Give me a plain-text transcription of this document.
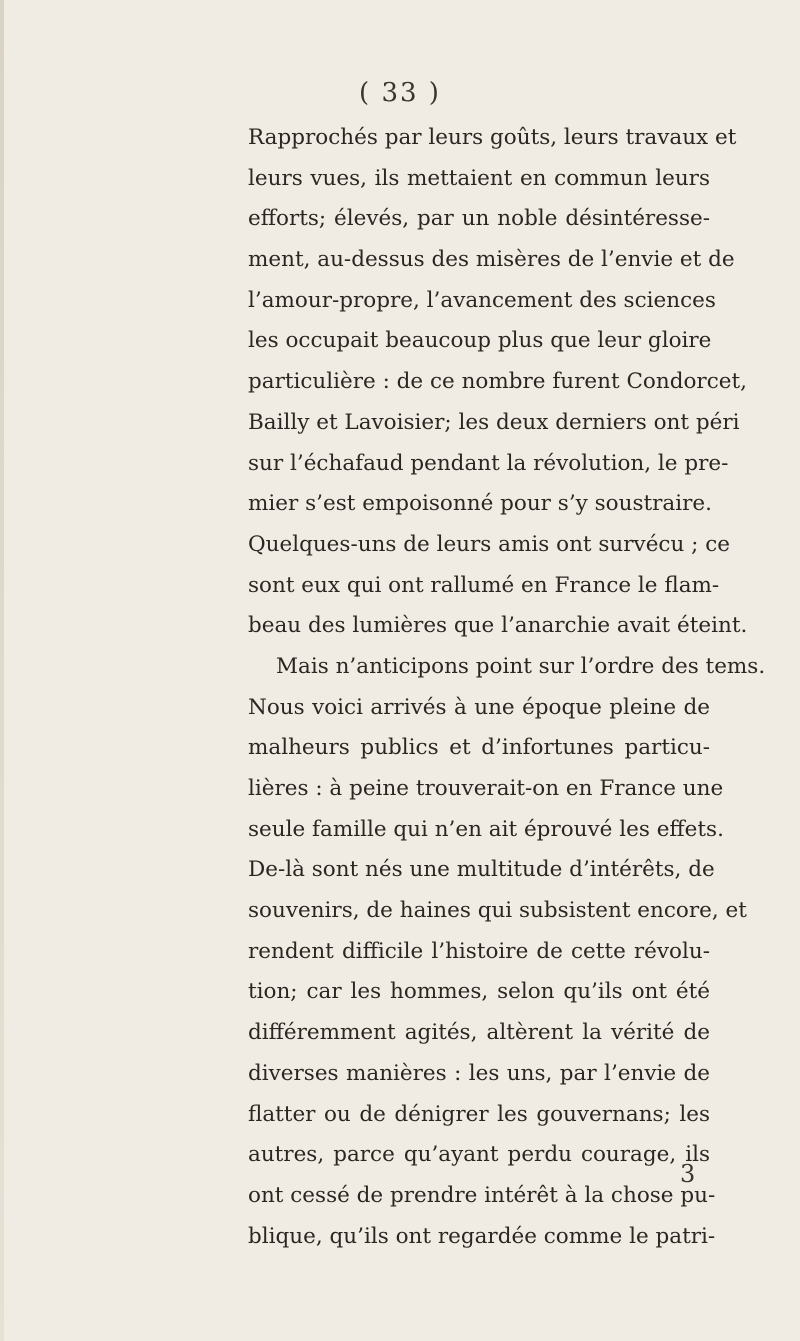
( 33 )
Rapprochés par leurs goûts, leurs travaux et
leurs vues, ils mettaient en commun leurs
efforts; élevés, par un noble désintéresse-
ment, au-dessus des misères de l’envie et de
l’amour-propre, l’avancement des sciences
les occupait beaucoup plus que leur gloire
particulière : de ce nombre furent Condorcet,
Bailly et Lavoisier; les deux derniers ont péri
sur l’échafaud pendant la révolution, le pre-
mier s’est empoisonné pour s’y soustraire.
Quelques-uns de leurs amis ont survécu ; ce
sont eux qui ont rallumé en France le flam-
beau des lumières que l’anarchie avait éteint.
Mais n’anticipons point sur l’ordre des tems.
Nous voici arrivés à une époque pleine de
malheurs publics et d’infortunes particu-
lières : à peine trouverait-on en France une
seule famille qui n’en ait éprouvé les effets.
De-là sont nés une multitude d’intérêts, de
souvenirs, de haines qui subsistent encore, et
rendent difficile l’histoire de cette révolu-
tion; car les hommes, selon qu’ils ont été
différemment agités, altèrent la vérité de
diverses manières : les uns, par l’envie de
flatter ou de dénigrer les gouvernans; les
autres, parce qu’ayant perdu courage, ils
ont cessé de prendre intérêt à la chose pu-
blique, qu’ils ont regardée comme le patri-
3
